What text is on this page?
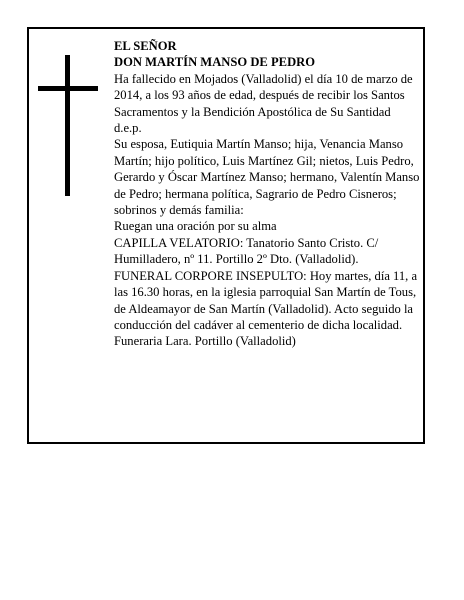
EL SEÑOR

DON MARTÍN MANSO DE PEDRO

Ha fallecido en Mojados (Valladolid) el día 10 de marzo de 2014, a los 93 años de edad, después de recibir los Santos Sacramentos y la Bendición Apostólica de Su Santidad

d.e.p.

Su esposa, Eutiquia Martín Manso; hija, Venancia Manso Martín; hijo político, Luis Martínez Gil; nietos, Luis Pedro, Gerardo y Óscar Martínez Manso; hermano, Valentín Manso de Pedro; hermana política, Sagrario de Pedro Cisneros; sobrinos y demás familia:

Ruegan una oración por su alma

CAPILLA VELATORIO: Tanatorio Santo Cristo. C/ Humilladero, nº 11. Portillo 2º Dto. (Valladolid).

FUNERAL CORPORE INSEPULTO: Hoy martes, día 11, a las 16.30 horas, en la iglesia parroquial San Martín de Tous, de Aldeamayor de San Martín (Valladolid). Acto seguido la conducción del cadáver al cementerio de dicha localidad.

Funeraria Lara. Portillo (Valladolid)
